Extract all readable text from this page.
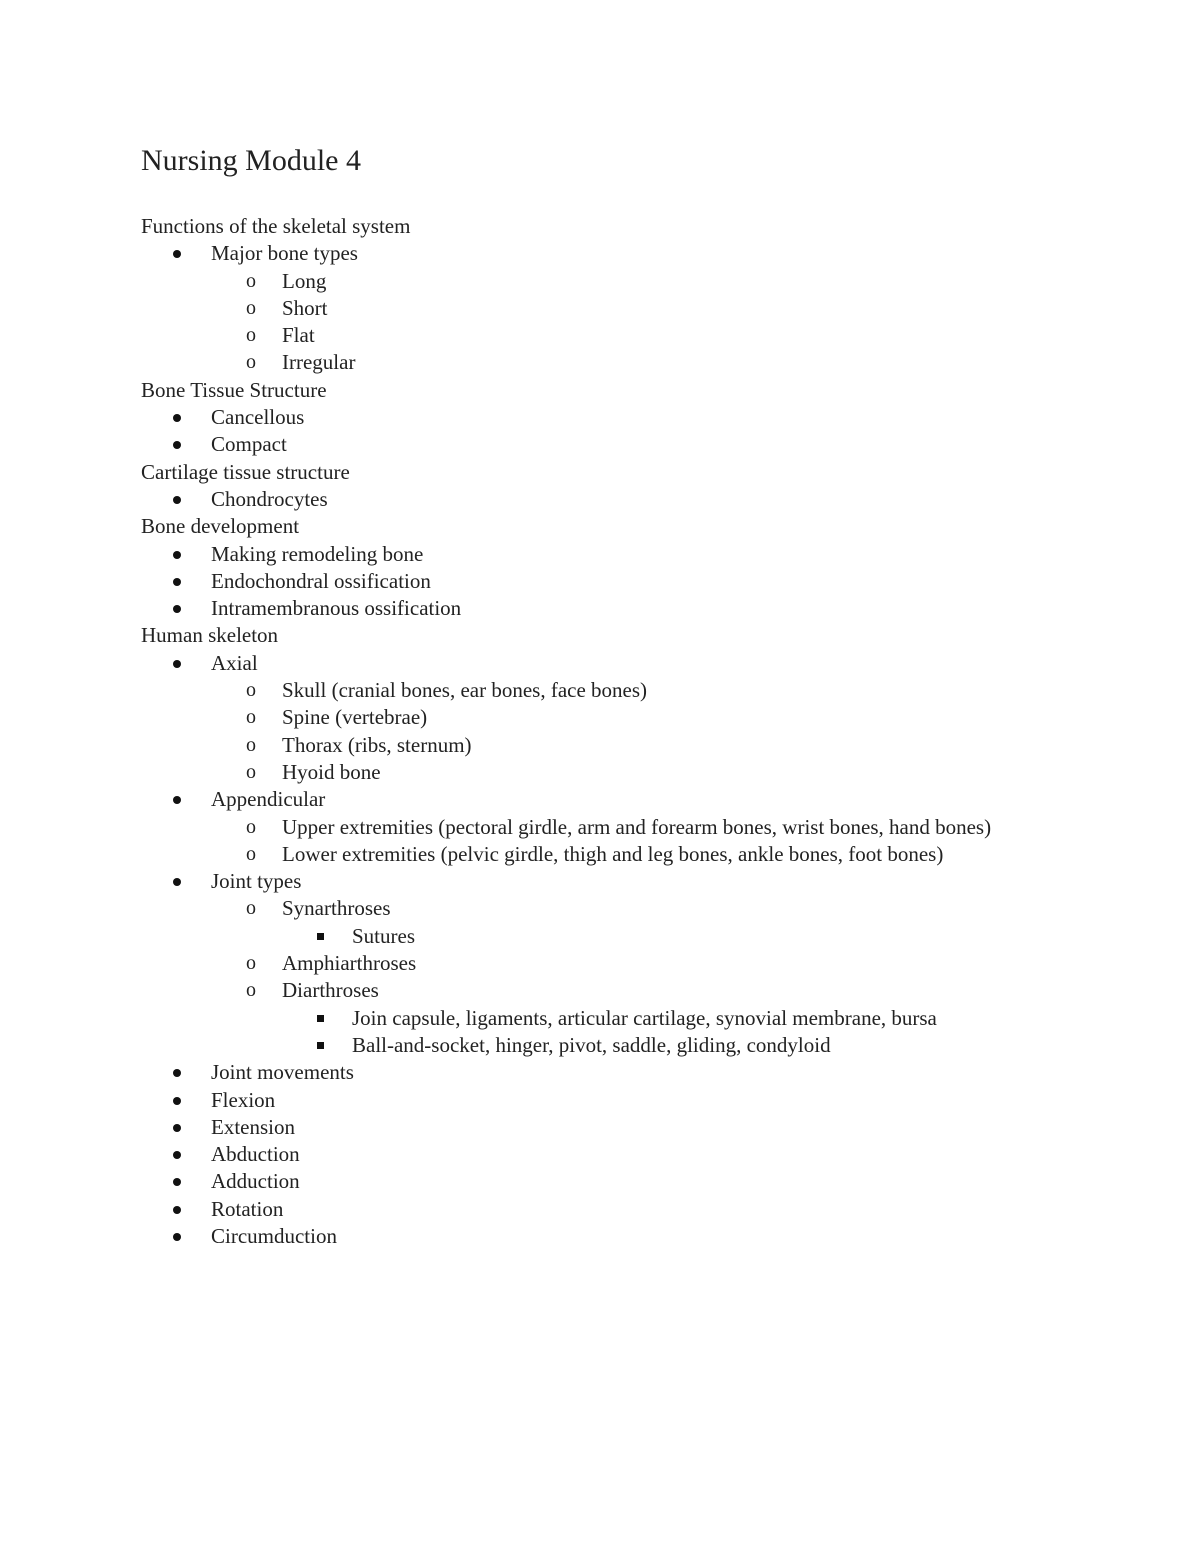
Nursing Module 4
Functions of the skeletal system
Major bone types
o Long
o Short
o Flat
o Irregular
Bone Tissue Structure
Cancellous
Compact
Cartilage tissue structure
Chondrocytes
Bone development
Making remodeling bone
Endochondral ossification
Intramembranous ossification
Human skeleton
Axial
o Skull (cranial bones, ear bones, face bones)
o Spine (vertebrae)
o Thorax (ribs, sternum)
o Hyoid bone
Appendicular
o Upper extremities (pectoral girdle, arm and forearm bones, wrist bones, hand bones)
o Lower extremities (pelvic girdle, thigh and leg bones, ankle bones, foot bones)
Joint types
o Synarthroses
Sutures
o Amphiarthroses
o Diarthroses
Join capsule, ligaments, articular cartilage, synovial membrane, bursa
Ball-and-socket, hinger, pivot, saddle, gliding, condyloid
Joint movements
Flexion
Extension
Abduction
Adduction
Rotation
Circumduction
